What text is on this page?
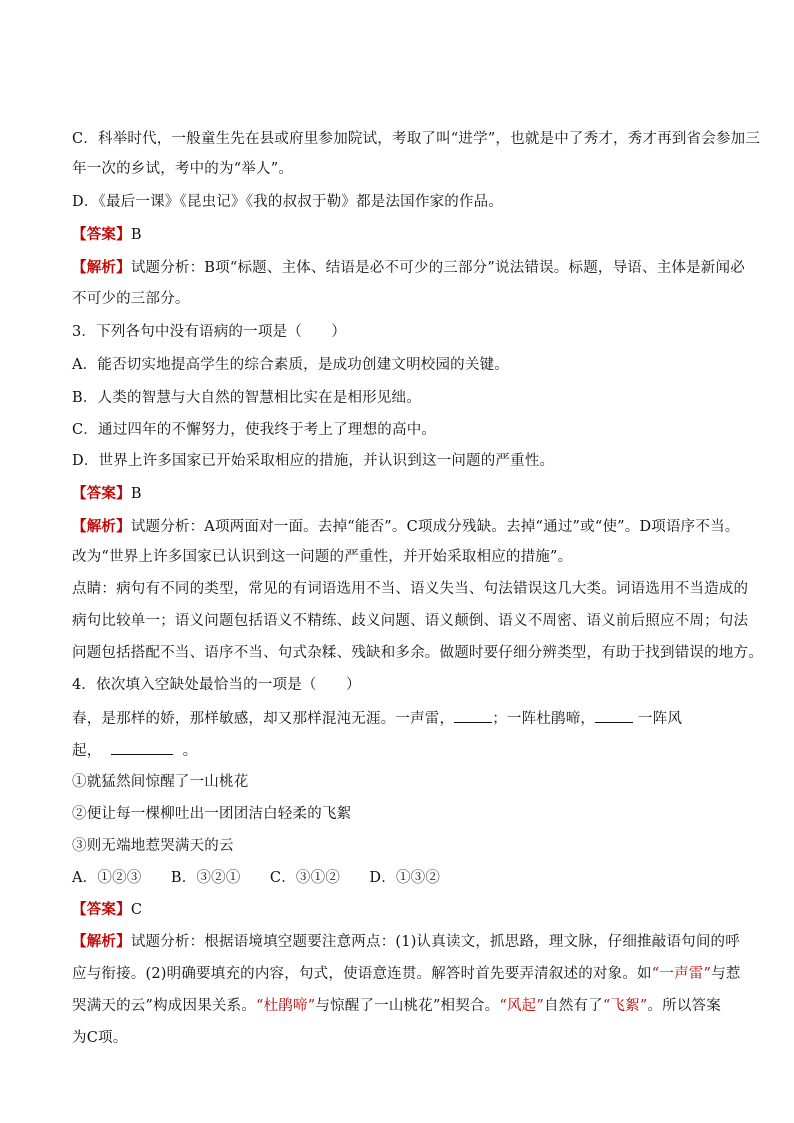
C．科举时代，一般童生先在县或府里参加院试，考取了叫“进学”，也就是中了秀才，秀才再到省会参加三
年一次的乡试，考中的为“举人”。
D．《最后一课》《昆虫记》《我的叔叔于勒》都是法国作家的作品。
【答案】B
【解析】试题分析：B项“标题、主体、结语是必不可少的三部分”说法错误。标题，导语、主体是新闻必
不可少的三部分。
3．下列各句中没有语病的一项是（　　）
A．能否切实地提高学生的综合素质，是成功创建文明校园的关键。
B．人类的智慧与大自然的智慧相比实在是相形见绌。
C．通过四年的不懈努力，使我终于考上了理想的高中。
D．世界上许多国家已开始采取相应的措施，并认识到这一问题的严重性。
【答案】B
【解析】试题分析：A项两面对一面。去掉“能否”。C项成分残缺。去掉“通过”或“使”。D项语序不当。
改为“世界上许多国家已认识到这一问题的严重性，并开始采取相应的措施”。
点睛：病句有不同的类型，常见的有词语选用不当、语义失当、句法错误这几大类。词语选用不当造成的
病句比较单一；语义问题包括语义不精练、歧义问题、语义颠倒、语义不周密、语义前后照应不周；句法
问题包括搭配不当、语序不当、句式杂糅、残缺和多余。做题时要仔细分辨类型，有助于找到错误的地方。
4．依次填入空缺处最恰当的一项是（　　）
春，是那样的娇，那样敏感，却又那样混沌无涯。一声雷，	；一阵杜鹃啼，	一阵风
起，	。
①就猛然间惊醒了一山桃花
②便让每一棵柳吐出一团团洁白轻柔的飞絮
③则无端地惹哭满天的云
A．①②③　　B．③②①　　C．③①②　　D．①③②
【答案】C
【解析】试题分析：根据语境填空题要注意两点：(1)认真读文，抓思路，理文脉，仔细推敲语句间的呼
应与衔接。(2)明确要填充的内容，句式，使语意连贯。解答时首先要弄清叙述的对象。如“一声雷”与惹
哭满天的云”构成因果关系。“杜鹃啼”与惊醒了一山桃花”相契合。“风起”自然有了“飞絮”。所以答案
为C项。
